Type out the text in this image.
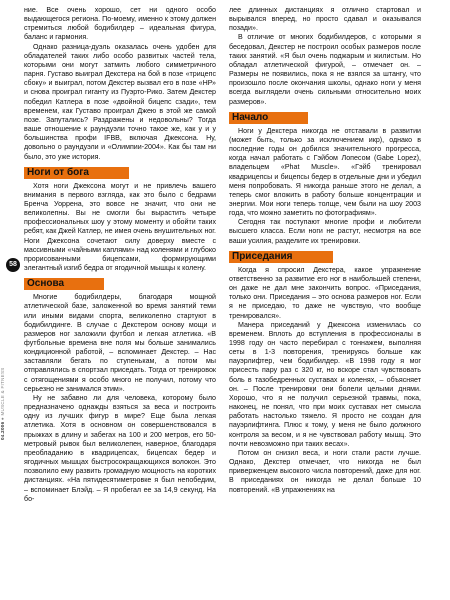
58
04.2006 ● MUSCLE & FITNESS

ние. Все очень хорошо, сет ни одного особо выдающегося региона. По-моему, именно к этому должен стремиться любой бодибилдер – идеальная фигура, баланс и гармония.

Однако разница-дуэль оказалась очень удобен для обладателей таких либо особо развитых частей тела, которыми они могут затмить любого симметричного парня. Густаво выиграл Декстера на бой в позе «трицепс сбоку» и выиграл, потом Декстер вызвал его в позе «НР» и снова проиграл гиганту из Пуэрто-Рико. Затем Декстер победил Катлера в позе «двойной бицепс сзади», тем временем, как Густаво проиграл Джею в этой же самой позе. Запутались? Раздражены и недовольны? Тогда ваше отношение к раундуэли точно такое же, как у и у большинства профи IFBB, включая Джексона. Ну, довольно о раундуэли и «Олимпии-2004». Как бы там ни было, это уже история.

Ноги от бога

Хотя ноги Джексона могут и не привлечь вашего внимания в первого взгляда, как это было с бедрами Бренча Уоррена, это вовсе не значит, что они не великолепны. Вы не смогли бы вырастить четыре профессиональных шоу у этому моменту и обойти таких ребят, как Джей Катлер, не имея очень внушительных ног. Ноги Джексона сочетают силу доверху вместе с массивными «чайными каплями» над коленями и глубоко прорисованными бицепсами, формирующими элегантный изгиб бедра от ягодичной мышцы к колену.

Основа

Многие бодибилдеры, благодаря мощной атлетической базе, заложенной во время занятий теми или иными видами спорта, великолепно стартуют в бодибилдинге. В случае с Декстером основу мощи и размеров ног заложили футбол и легкая атлетика. «В футбольные времена вне поля мы больше занимались кондиционной работой, – вспоминает Декстер. – Нас заставляли бегать по ступенькам, а потом мы отправлялись в спортзал приседать. Тогда от тренировок с отягощениями я особо много не получил, потому что серьезно не занимался этим».

Ну не забавно ли для человека, которому было предназначено однажды взяться за веса и построить одну из лучших фигур в мире? Еще была легкая атлетика. Хотя в основном он совершенствовался в прыжках в длину и забегах на 100 и 200 метров, его 50-метровый рывок был великолепен, наверное, благодаря преобладанию в квадрицепсах, бицепсах бедер и ягодичных мышцах быстросокращающихся волокон. Это позволило ему развить громадную мощность на коротких дистанциях. «На пятидесятиметровке я был непобедим, – вспоминает Блэйд. – Я пробегал ее за 14,9 секунд. На бо-

лее длинных дистанциях я отлично стартовал и вырывался вперед, но просто сдавал и оказывался позади».

В отличие от многих бодибилдеров, с которыми я беседовал, Декстер не построил особых размеров после таких занятий. «Я был очень поджарым и жилистым. Но обладал атлетической фигурой, – отмечает он. – Размеры не появились, пока я не взялся за штангу, что произошло после окончания школы, однако ноги у меня всегда выглядели очень сильными относительно моих размеров».

Начало

Ноги у Декстера никогда не отставали в развитии (может быть, только за исключением икр), однако в последние годы он добился значительного прогресса, когда начал работать с Гэйбом Лопесом (Gabe Lopez), владельцем «Phat Muscle». «Гэйб тренировал квадрицепсы и бицепсы бедер в отдельные дни и убедил меня попробовать. Я никогда раньше этого не делал, а теперь смог вложить в работу больше концентрации и энергии. Мои ноги теперь толще, чем были на шоу 2003 года, что можно заметить по фотографиям».

Сегодня так поступают многие профи и любители высшего класса. Если ноги не растут, несмотря на все ваши усилия, разделите их тренировки.

Приседания

Когда я спросил Декстера, какое упражнение ответственно за развитие его ног в наибольшей степени, он даже не дал мне закончить вопрос. «Приседания, только они. Приседания – это основа размеров ног. Если я не приседаю, то даже не чувствую, что вообще тренировался».

Манера приседаний у Джексона изменилась со временем. Вплоть до вступления в профессионалы в 1998 году он часто перебирал с тоннажем, выполняя сеты в 1-3 повторения, тренируясь больше как пауэрлифтер, чем бодибилдер. «В 1998 году я мог присесть пару раз с 320 кг, но вскоре стал чувствовать боль в тазобедренных суставах и коленях, – объясняет он. – После тренировки они болели целыми днями. Хорошо, что я не получил серьезной травмы, пока, наконец, не понял, что при моих суставах нет смысла работать настолько тяжело. Я просто не создан для пауэрлифтинга. Плюс к тому, у меня не было должного контроля за весом, и я не чувствовал работу мышц. Это почти невозможно при таких весах».

Потом он снизил веса, и ноги стали расти лучше. Однако, Декстер отмечает, что никогда не был приверженцем высокого числа повторений, даже для ног. В приседаниях он никогда не делал больше 10 повторений. «В упражнениях на
